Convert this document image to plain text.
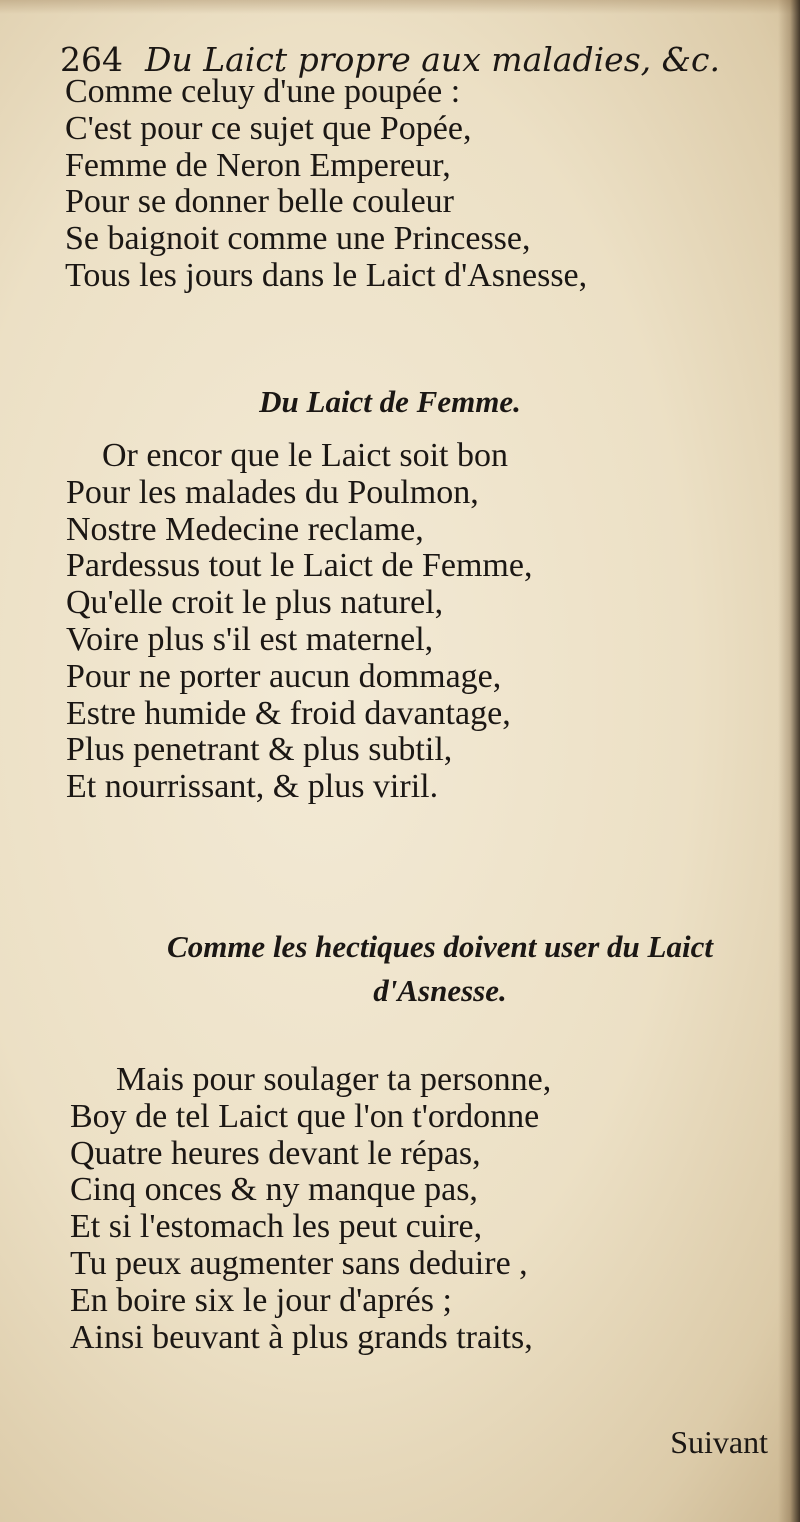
264 Du Laict propre aux maladies, &c.
Comme celuy d'une poupée :
C'est pour ce sujet que Popée,
Femme de Neron Empereur,
Pour se donner belle couleur
Se baignoit comme une Princesse,
Tous les jours dans le Laict d'Asnesse,
Du Laict de Femme.
Or encor que le Laict soit bon
Pour les malades du Poulmon,
Nostre Medecine reclame,
Pardessus tout le Laict de Femme,
Qu'elle croit le plus naturel,
Voire plus s'il est maternel,
Pour ne porter aucun dommage,
Estre humide & froid davantage,
Plus penetrant & plus subtil,
Et nourrissant, & plus viril.
Comme les hectiques doivent user du Laict
d'Asnesse.
Mais pour soulager ta personne,
Boy de tel Laict que l'on t'ordonne
Quatre heures devant le répas,
Cinq onces & ny manque pas,
Et si l'estomach les peut cuire,
Tu peux augmenter sans deduire ,
En boire six le jour d'aprés ;
Ainsi beuvant à plus grands traits,
Suivant
